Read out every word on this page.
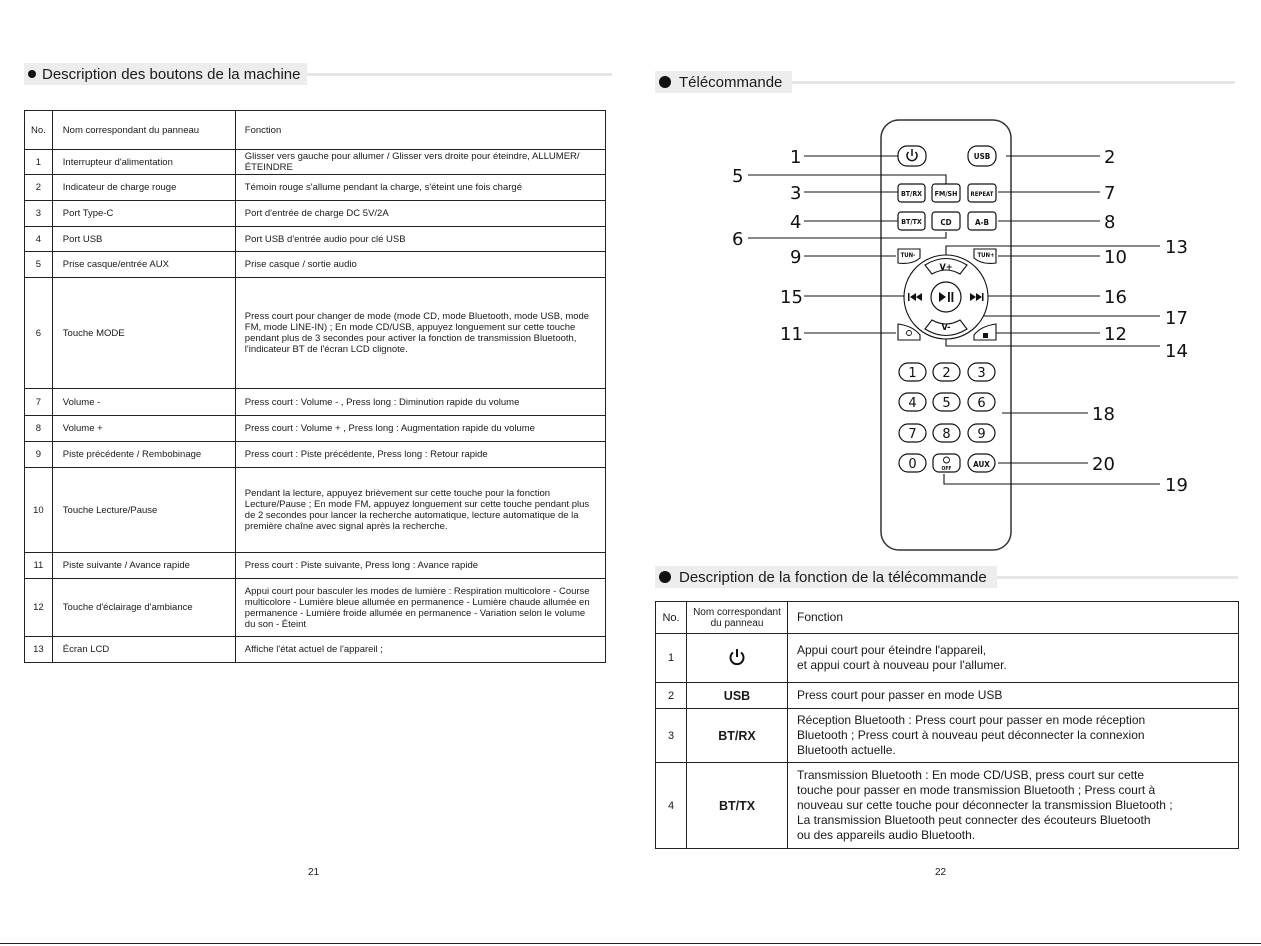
Description des boutons de la machine
No.	Nom correspondant du panneau	Fonction
1	Interrupteur d'alimentation	Glisser vers gauche pour allumer / Glisser vers droite pour éteindre, ALLUMER/ÉTEINDRE
2	Indicateur de charge rouge	Témoin rouge s'allume pendant la charge, s'éteint une fois chargé
3	Port Type-C	Port d'entrée de charge DC 5V/2A
4	Port USB	Port USB d'entrée audio pour clé USB
5	Prise casque/entrée AUX	Prise casque / sortie audio
6	Touche MODE	Press court pour changer de mode (mode CD, mode Bluetooth, mode USB, mode FM, mode LINE-IN) ; En mode CD/USB, appuyez longuement sur cette touche pendant plus de 3 secondes pour activer la fonction de transmission Bluetooth, l'indicateur BT de l'écran LCD clignote.
7	Volume -	Press court : Volume - , Press long : Diminution rapide du volume
8	Volume +	Press court : Volume + , Press long : Augmentation rapide du volume
9	Piste précédente / Rembobinage	Press court : Piste précédente, Press long : Retour rapide
10	Touche Lecture/Pause	Pendant la lecture, appuyez brièvement sur cette touche pour la fonction Lecture/Pause ; En mode FM, appuyez longuement sur cette touche pendant plus de 2 secondes pour lancer la recherche automatique, lecture automatique de la première chaîne avec signal après la recherche.
11	Piste suivante / Avance rapide	Press court : Piste suivante, Press long : Avance rapide
12	Touche d'éclairage d'ambiance	Appui court pour basculer les modes de lumière : Respiration multicolore - Course multicolore - Lumière bleue allumée en permanence - Lumière chaude allumée en permanence - Lumière froide allumée en permanence - Variation selon le volume du son - Éteint
13	Écran LCD	Affiche l'état actuel de l'appareil ;
21
Télécommande
1	2
5
3	7
4	8
6
9	10 13
15	16
17
11	12
14
18
20
19
USB
BT/RX FM/SH REPEAT
BT/TX CD	A-B
TUN-	TUN+
V+
V-
1 2 3
4 5 6
7 8 9
0	OFF	AUX
Description de la fonction de la télécommande
No.	Nom correspondant du panneau	Fonction
1		Appui court pour éteindre l'appareil,
et appui court à nouveau pour l'allumer.

2	USB	Press court pour passer en mode USB

3	BT/RX	Réception Bluetooth : Press court pour passer en mode réception
Bluetooth ; Press court à nouveau peut déconnecter la connexion
Bluetooth actuelle.

4	BT/TX	Transmission Bluetooth : En mode CD/USB, press court sur cette
touche pour passer en mode transmission Bluetooth ; Press court à
nouveau sur cette touche pour déconnecter la transmission Bluetooth ;
La transmission Bluetooth peut connecter des écouteurs Bluetooth
ou des appareils audio Bluetooth.
22
